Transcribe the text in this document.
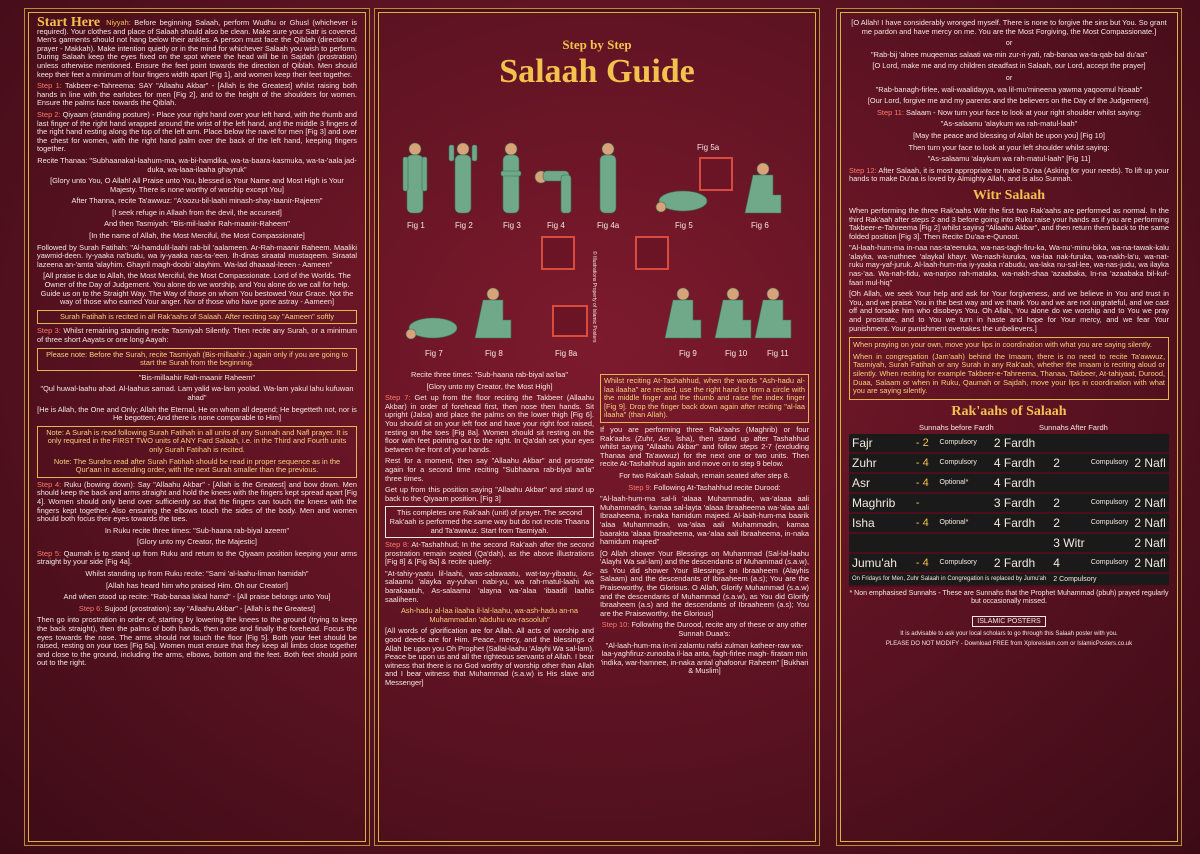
Start Here Niyyah: Before beginning Salaah, perform Wudhu or Ghusl (whichever is required). Your clothes and place of Salaah should also be clean. Make sure your Satr is covered. Men's garments should not hang below their ankles. A person must face the Qiblah (direction of prayer - Makkah). Make intention quietly or in the mind for whichever Salaah you wish to perform. During Salaah keep the eyes fixed on the spot where the head will be in Sajdah (prostration) unless otherwise mentioned. Ensure the feet point towards the direction of Qiblah. Men should keep their feet a minimum of four fingers width apart [Fig 1], and women keep their feet together.
Step 1: Takbeer-e-Tahreema: SAY "Allaahu Akbar" - [Allah is the Greatest] whilst raising both hands in line with the earlobes for men [Fig 2], and to the height of the shoulders for women. Ensure the palms face towards the Qiblah.
Step 2: Qiyaam (standing posture) - Place your right hand over your left hand, with the thumb and last finger of the right hand wrapped around the wrist of the left hand, and the middle 3 fingers of the right hand resting along the top of the left arm. Place below the navel for men [Fig 3] and over the chest for women, with the right hand palm over the back of the left hand, keeping fingers together.
Recite Thanaa: "Subhaanakal-laahum-ma, wa-bi-hamdika, wa-ta-baara-kasmuka, wa-ta-'aala jad-duka, wa-laaa-ilaaha ghayruk"
[Glory unto You, O Allah! All Praise unto You, blessed is Your Name and Most High is Your Majesty. There is none worthy of worship except You]
After Thanna, recite Ta'awwuz: "A'oozu-bil-laahi minash-shay-taanir-Rajeem"
[I seek refuge in Allaah from the devil, the accursed]
And then Tasmiyah: "Bis-mil-laahir Rah-maanir-Raheem"
[In the name of Allah, the Most Merciful, the Most Compassionate]
Followed by Surah Fatihah: "Al-hamdulil-laahi rab-bil 'aalameen. Ar-Rah-maanir Raheem. Maaliki yawmid-deen. Iy-yaaka na'budu, wa iy-yaaka nas-ta-'een. Ih-dinas siraatal mustaqeem. Siraatal lazeena an-'amta 'alayhim. Ghayril magh-doobi 'alayhim. Wa-lad dhaaaal-leeen - Aameen"
[All praise is due to Allah, the Most Merciful, the Most Compassionate. Lord of the Worlds. The Owner of the Day of Judgement. You alone do we worship, and You alone do we call for help. Guide us on to the Straight Way. The Way of those on whom You bestowed Your Grace. Not the way of those who earned Your anger. Nor of those who have gone astray - Aameen]
Surah Fatihah is recited in all Rak'aahs of Salaah. After reciting say "Aameen" softly
Step 3: Whilst remaining standing recite Tasmiyah Silently. Then recite any Surah, or a minimum of three short Aayats or one long Aayah:
Please note: Before the Surah, recite Tasmiyah (Bis-millaahir..) again only if you are going to start the Surah from the beginning.
"Bis-millaahir Rah-maanir Raheem"
"Qul huwal-laahu ahad. Al-laahus samad. Lam yalid wa-lam yoolad. Wa-lam yakul lahu kufuwan ahad"
[He is Allah, the One and Only; Allah the Eternal, He on whom all depend; He begetteth not, nor is He begotten; And there is none comparable to Him]
Note: A Surah is read following Surah Fatihah in all units of any Sunnah and Nafl prayer. It is only required in the FIRST TWO units of ANY Fard Salaah, i.e. in the Third and Fourth units only Surah Fatihah is recited.
Note: The Surahs read after Surah Fatihah should be read in proper sequence as in the Qur'aan in ascending order, with the next Surah smaller than the previous.
Step 4: Ruku (bowing down): Say "Allaahu Akbar" - [Allah is the Greatest] and bow down. Men should keep the back and arms straight and hold the knees with the fingers kept spread apart [Fig 4]. Women should only bend over sufficiently so that the fingers can touch the knees with the fingers kept together. Also ensuring the elbows touch the sides of the body. Men and women should both focus their eyes towards the toes.
In Ruku recite three times: "Sub-haana rab-biyal azeem"
[Glory unto my Creator, the Majestic]
Step 5: Qaumah is to stand up from Ruku and return to the Qiyaam position keeping your arms straight by your side [Fig 4a].
Whilst standing up from Ruku recite: "Sami 'al-laahu-liman hamidah"
[Allah has heard him who praised Him. Oh our Creator!]
And when stood up recite: "Rab-banaa lakal hamd" - [All praise belongs unto You]
Step 6: Sujood (prostration): say "Allaahu Akbar" - [Allah is the Greatest]
Then go into prostration in order of; starting by lowering the knees to the ground (trying to keep the back straight), then the palms of both hands, then nose and finally the forehead. Focus the eyes towards the nose. The arms should not touch the floor [Fig 5]. Both your feet should be raised, resting on your toes [Fig 5a]. Women must ensure that they keep all limbs close together and close to the ground, including the arms, elbows, bottom and the feet. Both feet should point out to the right.
Step by Step
Salaah Guide
Fig 5a
Fig 1	Fig 2	Fig 3	Fig 4	Fig 4a	Fig 5	Fig 6
Fig 7	Fig 8	Fig 8a	Fig 9	Fig 10 Fig 11
© Illustrations Property of Islamic Posters
Recite three times: "Sub-haana rab-biyal aa'laa"
[Glory unto my Creator, the Most High]
Step 7: Get up from the floor reciting the Takbeer (Allaahu Akbar) in order of forehead first, then nose then hands. Sit upright (Jalsa) and place the palms on the lower thigh [Fig 6]. You should sit on your left foot and have your right foot raised, resting on the toes [Fig 8a]. Women should sit resting on the floor with feet pointing out to the right. In Qa'dah set your eyes between the front of your hands.
Rest for a moment, then say "Allaahu Akbar" and prostrate again for a second time reciting "Subhaana rab-biyal aa'la" three times.
Get up from this position saying "Allaahu Akbar" and stand up back to the Qiyaam position. [Fig 3]
This completes one Rak'aah (unit) of prayer. The second Rak'aah is performed the same way but do not recite Thaana and Ta'awwuz. Start from Tasmiyah.
Step 8: At-Tashahhud; In the second Rak'aah after the second prostration remain seated (Qa'dah), as the above illustrations [Fig 8] & [Fig 8a] & recite quietly:
"At-tahiy-yaatu lil-laahi, was-salawaatu, wat-tay-yibaatu, As-salaamu 'alayka ay-yuhan nabi-yu, wa rah-matul-laahi wa barakaatuh, As-salaamu 'alayna wa-'alaa 'ibaadil laahis saaliheen.
Ash-hadu al-laa ilaaha il-lal-laahu, wa-ash-hadu an-na Muhammadan 'abduhu wa-rasooluh"
[All words of glorification are for Allah. All acts of worship and good deeds are for Him. Peace, mercy, and the blessings of Allah be upon you Oh Prophet (Sallal-laahu 'Alayhi Wa sal-lam). Peace be upon us and all the righteous servants of Allah. I bear witness that there is no God worthy of worship other than Allah and I bear witness that Muhammad (s.a.w) is His slave and Messenger]
Whilst reciting At-Tashahhud, when the words "Ash-hadu al-laa ilaaha" are recited, use the right hand to form a circle with the middle finger and the thumb and raise the index finger [Fig 9]. Drop the finger back down again after reciting "al-laa ilaaha" (than Allah).
If you are performing three Rak'aahs (Maghrib) or four Rak'aahs (Zuhr, Asr, Isha), then stand up after Tashahhud whilst saying "Allaahu Akbar" and follow steps 2-7 (excluding Thanaa and Ta'awwuz) for the next one or two units. Then recite At-Tashahhud again and move on to step 9 below.
For two Rak'aah Salaah, remain seated after step 8.
Step 9: Following At-Tashahhud recite Durood:
"Al-laah-hum-ma sal-li 'alaaa Muhammadin, wa-'alaaa aali Muhammadin, kamaa sal-layta 'alaaa Ibraaheema wa-'alaa aali Ibraaheema, in-naka hamidum majeed. Al-laah-hum-ma baarik 'alaa Muhammadin, wa-'alaa aali Muhammadin, kamaa baarakta 'alaaa Ibraaheema, wa-'alaa aali Ibraaheema, in-naka hamidum majeed"
[O Allah shower Your Blessings on Muhammad (Sal-lal-laahu 'Alayhi Wa sal-lam) and the descendants of Muhammad (s.a.w), as You did shower Your Blessings on Ibraaheem (Alayhis Salaam) and the descendants of Ibraaheem (a.s); You are the Praiseworthy, the Glorious. O Allah, Glorify Muhammad (s.a.w) and the descendants of Muhammad (s.a.w), as You did Glorify Ibraaheem (a.s) and the descendants of Ibraaheem (a.s); You are the Praiseworthy, the Glorious]
Step 10: Following the Durood, recite any of these or any other Sunnah Duaa's:
"Al-laah-hum-ma in-ni zalamtu nafsi zulman katheer-raw wa-laa-yaghfiruz-zunooba il-laa anta, fagh-firlee magh- firatam min 'indika, war-hamnee, in-naka antal ghafoorur Raheem" [Bukhari & Muslim]
[O Allah! I have considerably wronged myself. There is none to forgive the sins but You. So grant me pardon and have mercy on me. You are the Most Forgiving, the Most Compassionate.]
or
"Rab-bij 'alnee muqeemas salaati wa-min zur-ri-yati, rab-banaa wa-ta-qab-bal du'aa"
[O Lord, make me and my children steadfast in Salaah, our Lord, accept the prayer]
or
"Rab-banagh-firlee, wali-waalidayya, wa lil-mu'mineena yawma yaqoomul hisaab"
[Our Lord, forgive me and my parents and the believers on the Day of the Judgement].
Step 11: Salaam - Now turn your face to look at your right shoulder whilst saying:
"As-salaamu 'alaykum wa rah-matul-laah"
[May the peace and blessing of Allah be upon you] [Fig 10]
Then turn your face to look at your left shoulder whilst saying:
"As-salaamu 'alaykum wa rah-matul-laah" [Fig 11]
Step 12: After Salaah, it is most appropriate to make Du'aa (Asking for your needs). To lift up your hands to make Du'aa is loved by Almighty Allah, and is also Sunnah.
Witr Salaah
When performing the three Rak'aahs Witr the first two Rak'aahs are performed as normal. In the third Rak'aah after steps 2 and 3 before going into Ruku raise your hands as if you are performing Takbeer-e-Tahreema [Fig 2] whilst saying "Allaahu Akbar", and then return them back to the same folded position [Fig 3]. Then Recite Du'aa-e-Qunoot.
"Al-laah-hum-ma in-naa nas-ta'eenuka, wa-nas-tagh-firu-ka, Wa-nu'-minu-bika, wa-na-tawak-kalu 'alayka, wa-nuthnee 'alaykal khayr. Wa-nash-kuruka, wa-laa nak-furuka, wa-nakh-la'u, wa-nat-ruku may-yaf-juruk. Al-laah-hum-ma iy-yaaka n'abudu, wa-laka nu-sal-lee, wa-nas-judu, wa ilayka nas-'aa. Wa-nah-fidu, wa-narjoo rah-mataka, wa-nakh-shaa 'azaabaka, In-na 'azaabaka bil-kuf-faari mul-hiq"
[Oh Allah, we seek Your help and ask for Your forgiveness, and we believe in You and trust in You, and we praise You in the best way and we thank You and we are not ungrateful, and we cast off and forsake him who disobeys You. Oh Allah, You alone do we worship and to You we pray and prostrate, and to You we turn in haste and hope for Your mercy, and we fear Your punishment. Your punishment overtakes the unbelievers.]
When praying on your own, move your lips in coordination with what you are saying silently.
When in congregation (Jam'aah) behind the Imaam, there is no need to recite Ta'awwuz, Tasmiyah, Surah Fatihah or any Surah in any Rak'aah, whether the Imaam is reciting aloud or silently. When reciting for example Takbeer-e-Tahreema, Thanaa, Takbeer, At-tahiyaat, Durood, Duaa, Salaam or when in Ruku, Qaumah or Sajdah, move your lips in coordination with what you are saying silently.
Rak'aahs of Salaah
Sunnahs before Fardh	Sunnahs After Fardh
Fajr	- 2	Compulsory	2 Fardh			
Zuhr	- 4	Compulsory	4 Fardh	2	Compulsory	2 Nafl
Asr	- 4	Optional*	4 Fardh			
Maghrib	-		3 Fardh	2	Compulsory	2 Nafl
Isha	- 4	Optional*	4 Fardh	2	Compulsory	2 Nafl
				3 Witr		2 Nafl
Jumu'ah	- 4	Compulsory	2 Fardh	4	Compulsory	2 Nafl
On Fridays for Men, Zuhr Salaah in Congregation is replaced by Jumu'ah				2 Compulsory		
* Non emphasised Sunnahs - These are Sunnahs that the Prophet Muhammad (pbuh) prayed regularly but occasionally missed.
ISLAMIC POSTERS
It is advisable to ask your local scholars to go through this Salaah poster with you.
PLEASE DO NOT MODIFY - Download FREE from Xploreislam.com or IslamicPosters.co.uk
